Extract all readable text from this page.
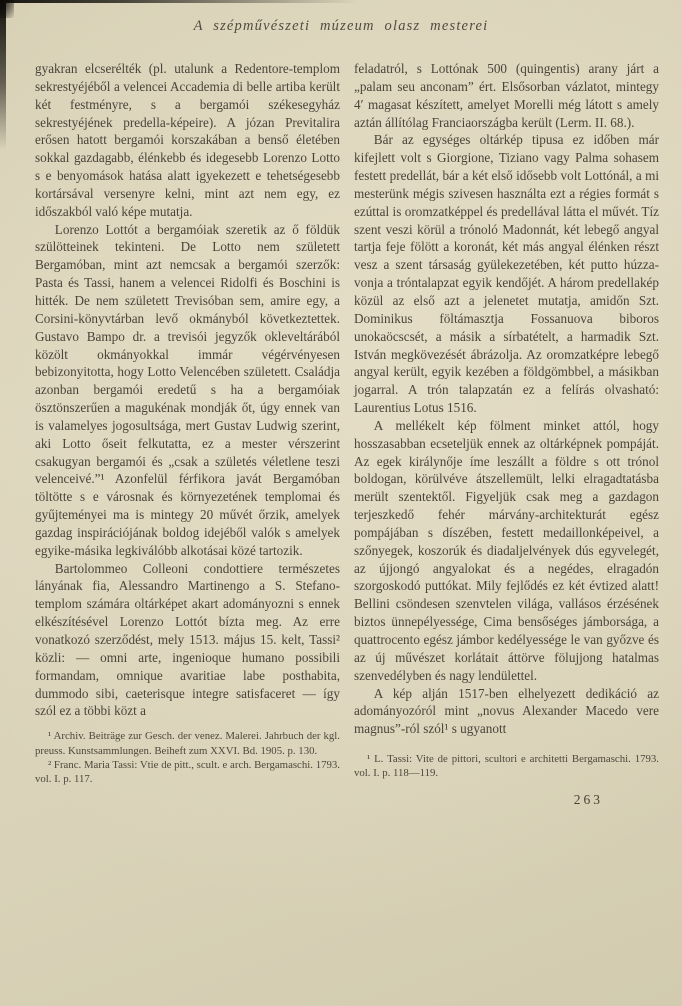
A szépművészeti múzeum olasz mesterei

gyakran elcserélték (pl. utalunk a Redentore-templom sekrestyéjéből a velencei Accademia di belle artiba került két festményre, s a bergamói székesegyház sekrestyéjének predella-képeire). A józan Previtalira erősen hatott bergamói korszakában a benső életében sokkal gazdagabb, élénkebb és idegesebb Lorenzo Lotto s e benyomások hatása alatt igyekezett e tehetségesebb kortársával versenyre kelni, mint azt nem egy, ez időszakból való képe mutatja.

Lorenzo Lottót a bergamóiak szeretik az ő földük szülötteinek tekinteni. De Lotto nem született Bergamóban, mint azt nemcsak a bergamói szerzők: Pasta és Tassi, hanem a velencei Ridolfi és Boschini is hitték. De nem született Trevisóban sem, amire egy, a Corsini-könyvtárban levő okmányból következtettek. Gustavo Bampo dr. a trevisói jegyzők okleveltárából közölt okmányokkal immár végérvényesen bebizonyitotta, hogy Lotto Velencében született. Családja azonban bergamói eredetű s ha a bergamóiak ösztönszerűen a magukénak mondják őt, úgy ennek van is valamelyes jogosultsága, mert Gustav Ludwig szerint, aki Lotto őseit felkutatta, ez a mester vérszerint csakugyan bergamói és „csak a születés véletlene teszi velenceivé.”¹ Azonfelül férfikora javát Bergamóban töltötte s e városnak és környezetének templomai és gyűjteményei ma is mintegy 20 művét őrzik, amelyek gazdag inspirációjának boldog idejéből valók s amelyek egyike-másika legkiválóbb alkotásai közé tartozik.

Bartolommeo Colleoni condottiere természetes lányának fia, Alessandro Martinengo a S. Stefano-templom számára oltárképet akart adományozni s ennek elkészítésével Lorenzo Lottót bízta meg. Az erre vonatkozó szerződést, mely 1513. május 15. kelt, Tassi² közli: — omni arte, ingenioque humano possibili formandam, omnique avaritiae labe posthabita, dummodo sibi, caeterisque integre satisfaceret — így szól ez a többi közt a

¹ Archiv. Beiträge zur Gesch. der venez. Malerei. Jahrbuch der kgl. preuss. Kunstsammlungen. Beiheft zum XXVI. Bd. 1905. p. 130.

² Franc. Maria Tassi: Vtie de pitt., scult. e arch. Bergamaschi. 1793. vol. I. p. 117.

feladatról, s Lottónak 500 (quingentis) arany járt a „palam seu anconam” ért. Elsősorban vázlatot, mintegy 4′ magasat készített, amelyet Morelli még látott s amely aztán állítólag Franciaországba került (Lerm. II. 68.).

Bár az egységes oltárkép tipusa ez időben már kifejlett volt s Giorgione, Tiziano vagy Palma sohasem festett predellát, bár a két első idősebb volt Lottónál, a mi mesterünk mégis szivesen használta ezt a régies formát s ezúttal is oromzatképpel és predellával látta el művét. Tíz szent veszi körül a trónoló Madonnát, két lebegő angyal tartja feje fölött a koronát, két más angyal élénken részt vesz a szent társaság gyülekezetében, két putto húzza-vonja a tróntalapzat egyik kendőjét. A három predellakép közül az első azt a jelenetet mutatja, amidőn Szt. Dominikus föltámasztja Fossanuova biboros unokaöcscsét, a másik a sírbatételt, a harmadik Szt. István megkövezését ábrázolja. Az oromzatképre lebegő angyal került, egyik kezében a földgömbbel, a másikban jogarral. A trón talapzatán ez a felírás olvasható: Laurentius Lotus 1516.

A mellékelt kép fölment minket attól, hogy hosszasabban ecseteljük ennek az oltárképnek pompáját. Az egek királynője íme leszállt a földre s ott trónol boldogan, körülvéve átszellemült, lelki elragadtatásba merült szentektől. Figyeljük csak meg a gazdagon terjeszkedő fehér márvány-architekturát egész pompájában s díszében, festett medaillonképeivel, a szőnyegek, koszorúk és diadaljelvények dús egyvelegét, az újjongó angyalokat és a negédes, elragadón szorgoskodó puttókat. Mily fejlődés ez két évtized alatt! Bellini csöndesen szenvtelen világa, vallásos érzésének biztos ünnepélyessége, Cima bensőséges jámborsága, a quattrocento egész jámbor kedélyessége le van győzve és az új művészet korlátait áttörve fölujjong hatalmas szenvedélyben és nagy lendülettel.

A kép alján 1517-ben elhelyezett dedikáció az adományozóról mint „novus Alexander Macedo vere magnus”-ról szól¹ s ugyanott

¹ L. Tassi: Vite de pittori, scultori e architetti Bergamaschi. 1793. vol. I. p. 118—119.

263
